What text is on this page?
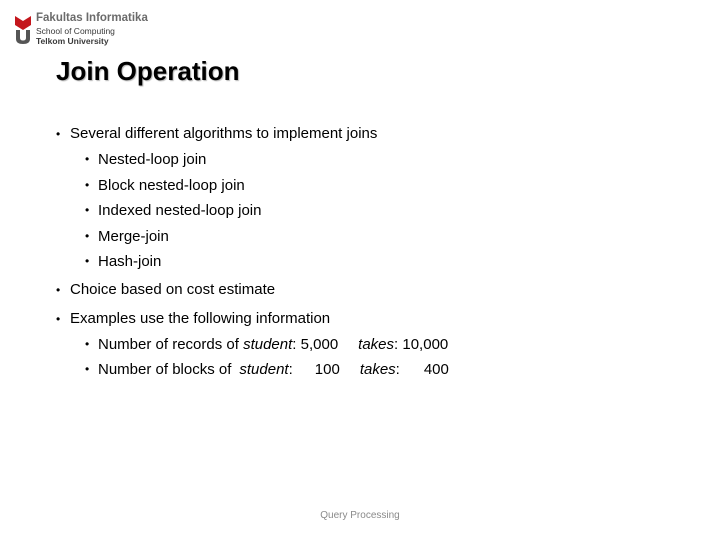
Fakultas Informatika
School of Computing
Telkom University
Join Operation
• Several different algorithms to implement joins
• Nested-loop join
• Block nested-loop join
• Indexed nested-loop join
• Merge-join
• Hash-join
• Choice based on cost estimate
• Examples use the following information
• Number of records of student: 5,000 takes: 10,000
• Number of blocks of student: 100 takes: 400
Query Processing
